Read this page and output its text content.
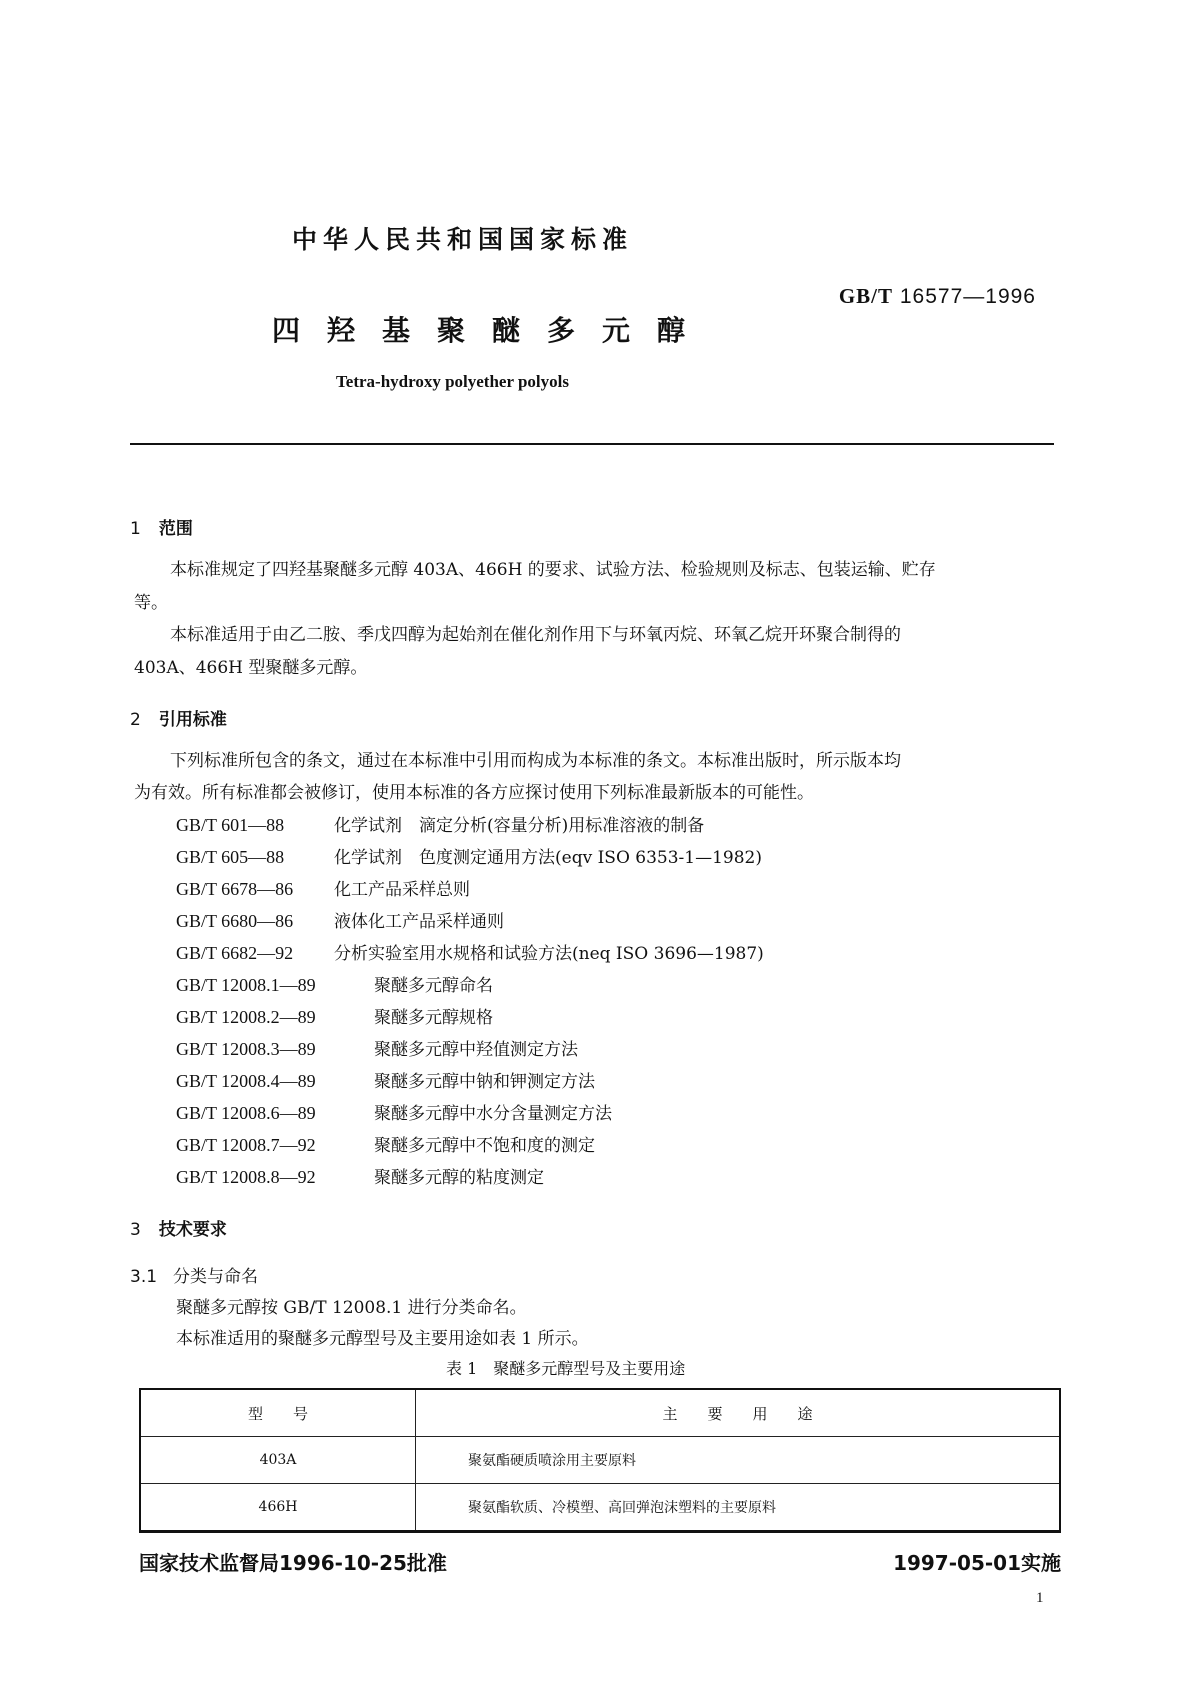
中华人民共和国国家标准
GB/T 16577—1996
四羟基聚醚多元醇
Tetra-hydroxy polyether polyols
1 范围
本标准规定了四羟基聚醚多元醇 403A、466H 的要求、试验方法、检验规则及标志、包装运输、贮存
等。
本标准适用于由乙二胺、季戊四醇为起始剂在催化剂作用下与环氧丙烷、环氧乙烷开环聚合制得的
403A、466H 型聚醚多元醇。
2 引用标准
下列标准所包含的条文，通过在本标准中引用而构成为本标准的条文。本标准出版时，所示版本均
为有效。所有标准都会被修订，使用本标准的各方应探讨使用下列标准最新版本的可能性。
GB/T 601—88	化学试剂　滴定分析(容量分析)用标准溶液的制备
GB/T 605—88	化学试剂　色度测定通用方法(eqv ISO 6353-1—1982)
GB/T 6678—86 化工产品采样总则
GB/T 6680—86 液体化工产品采样通则
GB/T 6682—92 分析实验室用水规格和试验方法(neq ISO 3696—1987)
GB/T 12008.1—89	聚醚多元醇命名
GB/T 12008.2—89	聚醚多元醇规格
GB/T 12008.3—89	聚醚多元醇中羟值测定方法
GB/T 12008.4—89	聚醚多元醇中钠和钾测定方法
GB/T 12008.6—89	聚醚多元醇中水分含量测定方法
GB/T 12008.7—92	聚醚多元醇中不饱和度的测定
GB/T 12008.8—92	聚醚多元醇的粘度测定
3 技术要求
3.1 分类与命名
聚醚多元醇按 GB/T 12008.1 进行分类命名。
本标准适用的聚醚多元醇型号及主要用途如表 1 所示。
表 1　聚醚多元醇型号及主要用途
型　　号	主　　要　　用　　途
403A	聚氨酯硬质喷涂用主要原料
466H	聚氨酯软质、冷模塑、高回弹泡沫塑料的主要原料
国家技术监督局1996-10-25批准	1997-05-01实施
1
